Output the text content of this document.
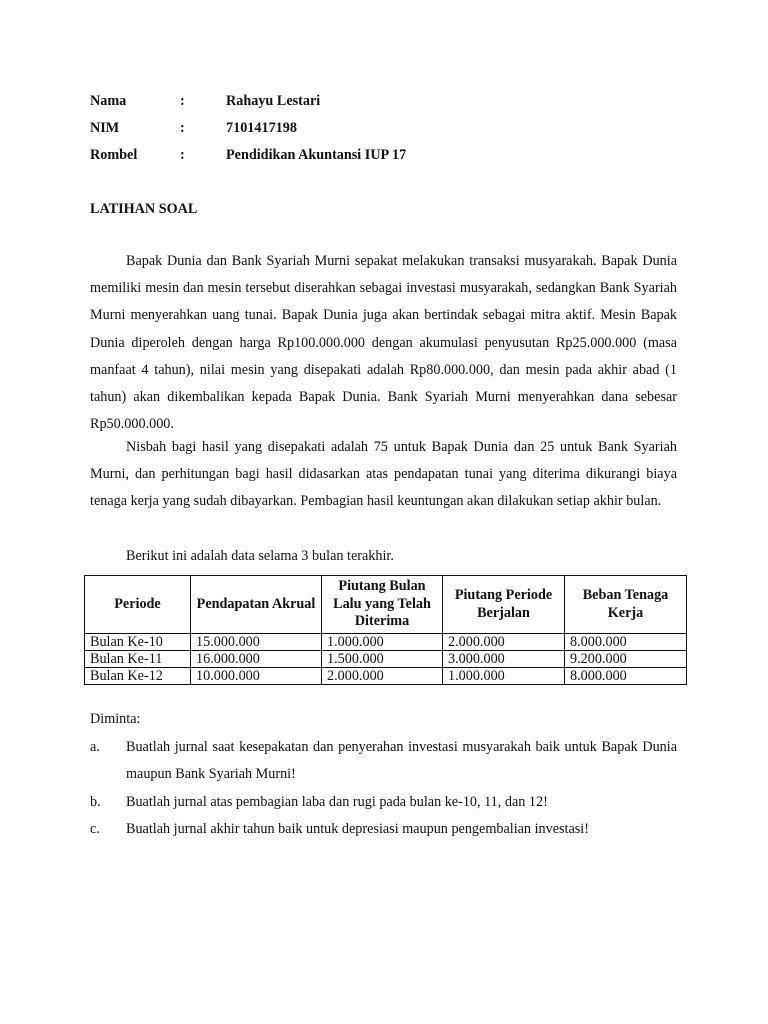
Nama	:	Rahayu Lestari
NIM	:	7101417198
Rombel	:	Pendidikan Akuntansi IUP 17
LATIHAN SOAL

Bapak Dunia dan Bank Syariah Murni sepakat melakukan transaksi musyarakah. Bapak Dunia memiliki mesin dan mesin tersebut diserahkan sebagai investasi musyarakah, sedangkan Bank Syariah Murni menyerahkan uang tunai. Bapak Dunia juga akan bertindak sebagai mitra aktif. Mesin Bapak Dunia diperoleh dengan harga Rp100.000.000 dengan akumulasi penyusutan Rp25.000.000 (masa manfaat 4 tahun), nilai mesin yang disepakati adalah Rp80.000.000, dan mesin pada akhir abad (1 tahun) akan dikembalikan kepada Bapak Dunia. Bank Syariah Murni menyerahkan dana sebesar Rp50.000.000.

Nisbah bagi hasil yang disepakati adalah 75 untuk Bapak Dunia dan 25 untuk Bank Syariah Murni, dan perhitungan bagi hasil didasarkan atas pendapatan tunai yang diterima dikurangi biaya tenaga kerja yang sudah dibayarkan. Pembagian hasil keuntungan akan dilakukan setiap akhir bulan.

Berikut ini adalah data selama 3 bulan terakhir.

Periode	Pendapatan Akrual	Piutang Bulan Lalu yang Telah Diterima	Piutang Periode Berjalan	Beban Tenaga Kerja
Bulan Ke-10	15.000.000	1.000.000	2.000.000	8.000.000
Bulan Ke-11	16.000.000	1.500.000	3.000.000	9.200.000
Bulan Ke-12	10.000.000	2.000.000	1.000.000	8.000.000
Diminta:
a. Buatlah jurnal saat kesepakatan dan penyerahan investasi musyarakah baik untuk Bapak Dunia maupun Bank Syariah Murni!
b. Buatlah jurnal atas pembagian laba dan rugi pada bulan ke-10, 11, dan 12!
c. Buatlah jurnal akhir tahun baik untuk depresiasi maupun pengembalian investasi!
